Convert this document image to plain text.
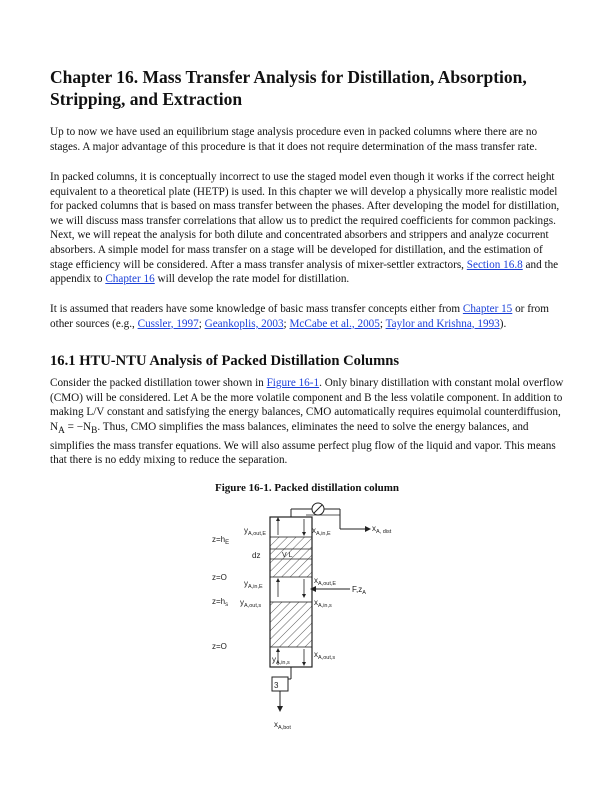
Chapter 16. Mass Transfer Analysis for Distillation, Absorption, Stripping, and Extraction

Up to now we have used an equilibrium stage analysis procedure even in packed columns where there are no stages. A major advantage of this procedure is that it does not require determination of the mass transfer rate.

In packed columns, it is conceptually incorrect to use the staged model even though it works if the correct height equivalent to a theoretical plate (HETP) is used. In this chapter we will develop a physically more realistic model for packed columns that is based on mass transfer between the phases. After developing the model for distillation, we will discuss mass transfer correlations that allow us to predict the required coefficients for common packings. Next, we will repeat the analysis for both dilute and concentrated absorbers and strippers and analyze cocurrent absorbers. A simple model for mass transfer on a stage will be developed for distillation, and the estimation of stage efficiency will be considered. After a mass transfer analysis of mixer-settler extractors, Section 16.8 and the appendix to Chapter 16 will develop the rate model for distillation.

It is assumed that readers have some knowledge of basic mass transfer concepts either from Chapter 15 or from other sources (e.g., Cussler, 1997; Geankoplis, 2003; McCabe et al., 2005; Taylor and Krishna, 1993).

16.1 HTU-NTU Analysis of Packed Distillation Columns

Consider the packed distillation tower shown in Figure 16-1. Only binary distillation with constant molal overflow (CMO) will be considered. Let A be the more volatile component and B the less volatile component. In addition to making L/V constant and satisfying the energy balances, CMO automatically requires equimolal counterdiffusion, $N_A = -N_B$. Thus, CMO simplifies the mass balances, eliminates the need to solve the energy balances, and simplifies the mass transfer equations. We will also assume perfect plug flow of the liquid and vapor. This means that there is no eddy mixing to reduce the separation.

Figure 16-1. Packed distillation column

V L
3
$z=h_E$
dz
z=O
$z=h_s$
z=O
$y_{A,out,E}$	$x_{A,in,E}$
$x_{A, dist}$
$y_{A,in,E}$
$x_{A,out,E}$
$F,z_A$
$y_{A,out,s}$	$x_{A,in,s}$
$x_{A,out,s}$
$y_{A,in,s}$
$x_{A,bot}$
